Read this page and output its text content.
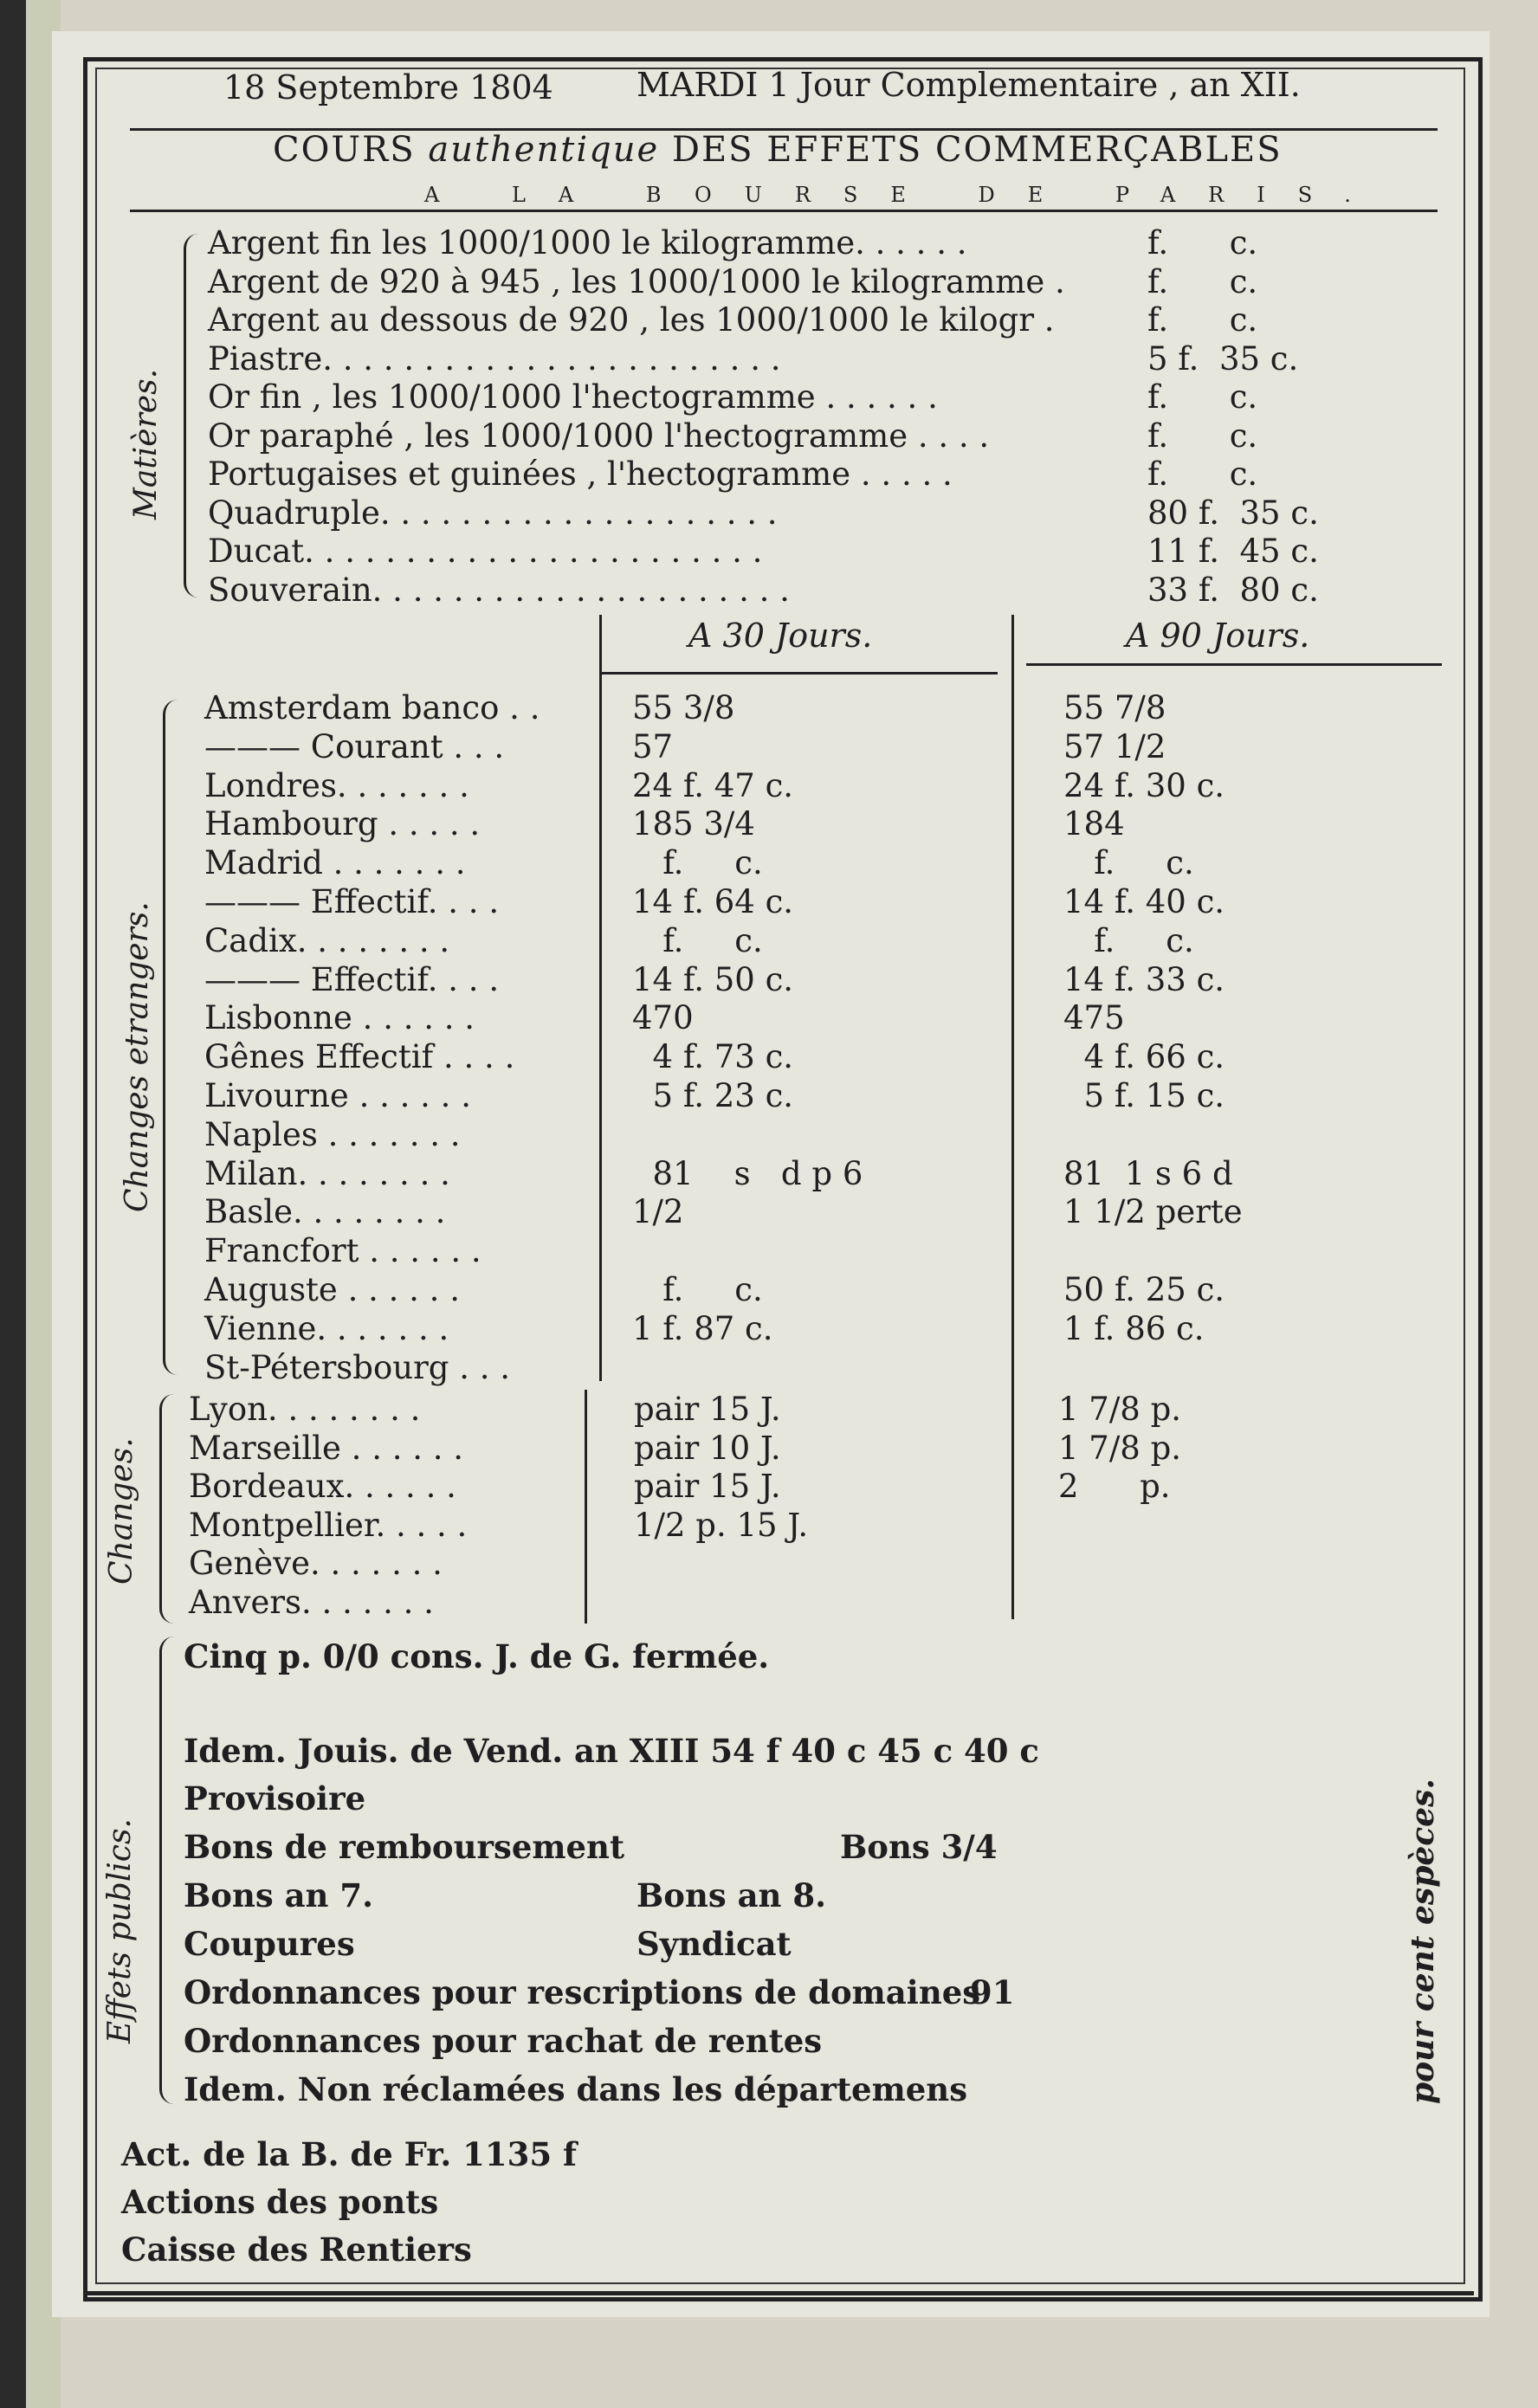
18 Septembre 1804	MARDI 1 Jour Complementaire , an XII.
COURS authentique DES EFFETS COMMERÇABLES
A LA BOURSE DE PARIS.
Matières.
A 30 Jours.	A 90 Jours.
Changes etrangers.
Changes.
Effets publics.	pour cent espèces.
Argent fin les 1000/1000 le kilogramme. . . . . .	f.      c.
Argent de 920 à 945 , les 1000/1000 le kilogramme .	f.      c.
Argent au dessous de 920 , les 1000/1000 le kilogr .	f.      c.
Piastre. . . . . . . . . . . . . . . . . . . . . . .	5 f.  35 c.
Or fin , les 1000/1000 l'hectogramme . . . . . .	f.      c.
Or paraphé , les 1000/1000 l'hectogramme . . . .	f.      c.
Portugaises et guinées , l'hectogramme . . . . .	f.      c.
Quadruple. . . . . . . . . . . . . . . . . . . .	80 f.  35 c.
Ducat. . . . . . . . . . . . . . . . . . . . . . .	11 f.  45 c.
Souverain. . . . . . . . . . . . . . . . . . . . .	33 f.  80 c.
Amsterdam banco . .	55 3/8	55 7/8
——— Courant . . .	57	57 1/2
Londres. . . . . . .	24 f. 47 c.	24 f. 30 c.
Hambourg . . . . .	185 3/4	184
Madrid . . . . . . .	f.     c.	f.     c.
——— Effectif. . . .	14 f. 64 c.	14 f. 40 c.
Cadix. . . . . . . .	f.     c.	f.     c.
——— Effectif. . . .	14 f. 50 c.	14 f. 33 c.
Lisbonne . . . . . .	470	475
Gênes Effectif . . . .	4 f. 73 c.	4 f. 66 c.
Livourne . . . . . .	5 f. 23 c.	5 f. 15 c.
Naples . . . . . . .
Milan. . . . . . . .	81    s   d p 6	81  1 s 6 d
Basle. . . . . . . .	1/2	1 1/2 perte
Francfort . . . . . .
Auguste . . . . . .	f.     c.	50 f. 25 c.
Vienne. . . . . . .	1 f. 87 c.	1 f. 86 c.
St-Pétersbourg . . .
Lyon. . . . . . . .	pair 15 J.	1 7/8 p.
Marseille . . . . . .	pair 10 J.	1 7/8 p.
Bordeaux. . . . . .	pair 15 J.	2      p.
Montpellier. . . . .	1/2 p. 15 J.
Genève. . . . . . .
Anvers. . . . . . .
Cinq p. 0/0 cons. J. de G. fermée.
Idem. Jouis. de Vend. an XIII 54 f 40 c 45 c 40 c
Provisoire
Bons de remboursement	Bons 3/4
Bons an 7.	Bons an 8.
Coupures	Syndicat
Ordonnances pour rescriptions de domaines
91
Ordonnances pour rachat de rentes
Idem. Non réclamées dans les départemens
Act. de la B. de Fr. 1135 f
Actions des ponts
Caisse des Rentiers
